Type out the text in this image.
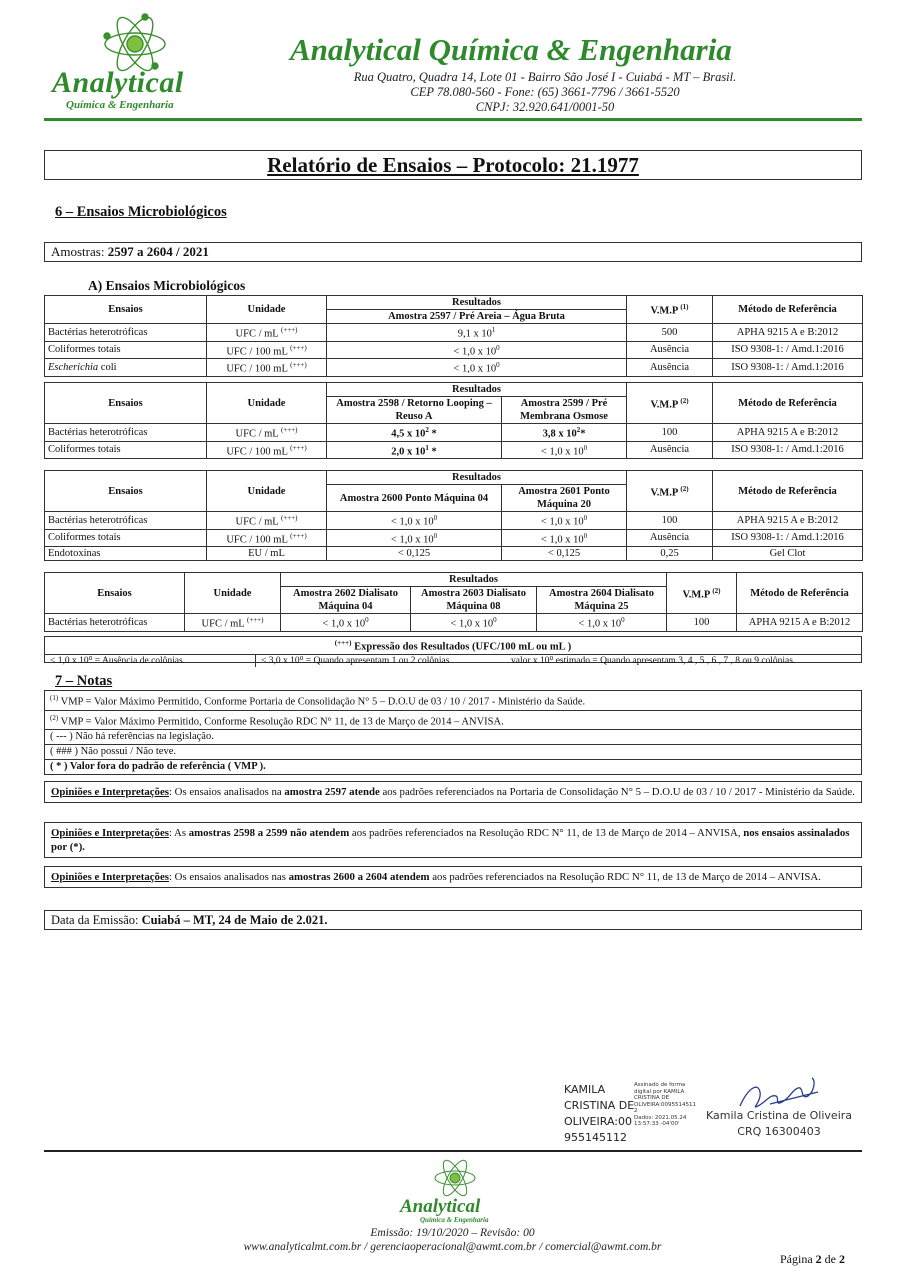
Analytical
Química & Engenharia
Analytical Química & Engenharia
Rua Quatro, Quadra 14, Lote 01 - Bairro São José I - Cuiabá - MT – Brasil.
CEP 78.080-560 - Fone: (65) 3661-7796 / 3661-5520
CNPJ: 32.920.641/0001-50
Relatório de Ensaios – Protocolo: 21.1977
6 – Ensaios Microbiológicos
Amostras: 2597 a 2604 / 2021
A) Ensaios Microbiológicos
Ensaios	Unidade	Resultados	V.M.P $^{(1)}$	Método de Referência
		Amostra 2597 / Pré Areia – Água Bruta		
Bactérias heterotróficas	UFC / mL (+++)	9,1 x $10^1$	500	APHA 9215 A e B:2012
Coliformes totais	UFC / 100 mL (+++)	< 1,0 x $10^0$	Ausência	ISO 9308-1: / Amd.1:2016
Escherichia coli	UFC / 100 mL (+++)	< 1,0 x $10^0$	Ausência	ISO 9308-1: / Amd.1:2016
Ensaios	Unidade	Resultados		V.M.P $^{(2)}$	Método de Referência
		Amostra 2598 / Retorno Looping – Reuso A	Amostra 2599 / Pré Membrana Osmose		
Bactérias heterotróficas	UFC / mL (+++)	4,5 x $10^2$ *	3,8 x $10^2*$	100	APHA 9215 A e B:2012
Coliformes totais	UFC / 100 mL (+++)	2,0 x $10^1$ *	< 1,0 x $10^0$	Ausência	ISO 9308-1: / Amd.1:2016
Ensaios	Unidade	Resultados		V.M.P $^{(2)}$	Método de Referência
		Amostra 2600 Ponto Máquina 04	Amostra 2601 Ponto Máquina 20		
Bactérias heterotróficas	UFC / mL (+++)	< 1,0 x $10^0$	< 1,0 x $10^0$	100	APHA 9215 A e B:2012
Coliformes totais	UFC / 100 mL (+++)	< 1,0 x $10^0$	< 1,0 x $10^0$	Ausência	ISO 9308-1: / Amd.1:2016
Endotoxinas	EU / mL	< 0,125	< 0,125	0,25	Gel Clot
Ensaios	Unidade	Resultados			V.M.P $^{(2)}$	Método de Referência
		Amostra 2602 Dialisato Máquina 04	Amostra 2603 Dialisato Máquina 08	Amostra 2604 Dialisato Máquina 25		
Bactérias heterotróficas	UFC / mL (+++)	< 1,0 x $10^0$	< 1,0 x $10^0$	< 1,0 x $10^0$	100	APHA 9215 A e B:2012
(+++) Expressão dos Resultados (UFC/100 mL ou mL )
< 1,0 x 10⁰ = Ausência de colônias	< 3,0 x 10⁰ = Quando apresentam 1 ou 2 colônias	valor x 10⁰ estimado = Quando apresentam 3, 4 , 5 , 6 , 7 , 8 ou 9 colônias.
7 – Notas
$^{(1)}$ VMP = Valor Máximo Permitido, Conforme Portaria de Consolidação N° 5 – D.O.U de 03 / 10 / 2017 - Ministério da Saúde.
$^{(2)}$ VMP = Valor Máximo Permitido, Conforme Resolução RDC N° 11, de 13 de Março de 2014 – ANVISA.
( --- ) Não há referências na legislação.
( ### ) Não possui / Não teve.
( * ) Valor fora do padrão de referência ( VMP ).
Opiniões e Interpretações: Os ensaios analisados na amostra 2597 atende aos padrões referenciados na Portaria de Consolidação N° 5 – D.O.U de 03 / 10 / 2017 - Ministério da Saúde.
Opiniões e Interpretações: As amostras 2598 a 2599 não atendem aos padrões referenciados na Resolução RDC N° 11, de 13 de Março de 2014 – ANVISA, nos ensaios assinalados por (*).
Opiniões e Interpretações: Os ensaios analisados nas amostras 2600 a 2604 atendem aos padrões referenciados na Resolução RDC N° 11, de 13 de Março de 2014 – ANVISA.
Data da Emissão: Cuiabá – MT, 24 de Maio de 2.021.
KAMILA
CRISTINA DE
OLIVEIRA:00
955145112
Assinado de forma
digital por KAMILA
CRISTINA DE
OLIVEIRA:0095514511
2
Dados: 2021.05.24
13:57:33 -04'00'
Kamila Cristina de Oliveira
CRQ 16300403
Analytical
Química & Engenharia
Emissão: 19/10/2020 – Revisão: 00
www.analyticalmt.com.br / gerenciaoperacional@awmt.com.br / comercial@awmt.com.br
Página 2 de 2
